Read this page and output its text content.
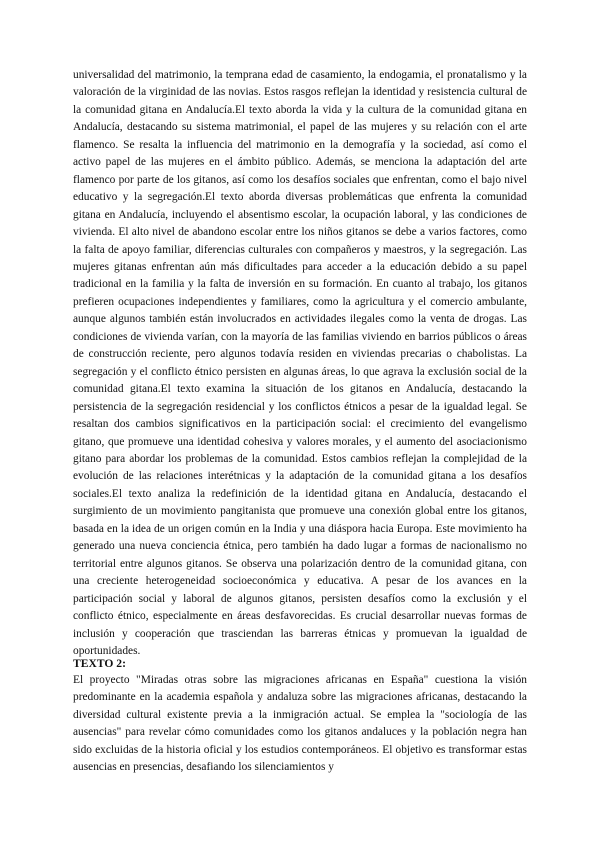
universalidad del matrimonio, la temprana edad de casamiento, la endogamia, el pronatalismo y la valoración de la virginidad de las novias. Estos rasgos reflejan la identidad y resistencia cultural de la comunidad gitana en Andalucía.El texto aborda la vida y la cultura de la comunidad gitana en Andalucía, destacando su sistema matrimonial, el papel de las mujeres y su relación con el arte flamenco. Se resalta la influencia del matrimonio en la demografía y la sociedad, así como el activo papel de las mujeres en el ámbito público. Además, se menciona la adaptación del arte flamenco por parte de los gitanos, así como los desafíos sociales que enfrentan, como el bajo nivel educativo y la segregación.El texto aborda diversas problemáticas que enfrenta la comunidad gitana en Andalucía, incluyendo el absentismo escolar, la ocupación laboral, y las condiciones de vivienda. El alto nivel de abandono escolar entre los niños gitanos se debe a varios factores, como la falta de apoyo familiar, diferencias culturales con compañeros y maestros, y la segregación. Las mujeres gitanas enfrentan aún más dificultades para acceder a la educación debido a su papel tradicional en la familia y la falta de inversión en su formación. En cuanto al trabajo, los gitanos prefieren ocupaciones independientes y familiares, como la agricultura y el comercio ambulante, aunque algunos también están involucrados en actividades ilegales como la venta de drogas. Las condiciones de vivienda varían, con la mayoría de las familias viviendo en barrios públicos o áreas de construcción reciente, pero algunos todavía residen en viviendas precarias o chabolistas. La segregación y el conflicto étnico persisten en algunas áreas, lo que agrava la exclusión social de la comunidad gitana.El texto examina la situación de los gitanos en Andalucía, destacando la persistencia de la segregación residencial y los conflictos étnicos a pesar de la igualdad legal. Se resaltan dos cambios significativos en la participación social: el crecimiento del evangelismo gitano, que promueve una identidad cohesiva y valores morales, y el aumento del asociacionismo gitano para abordar los problemas de la comunidad. Estos cambios reflejan la complejidad de la evolución de las relaciones interétnicas y la adaptación de la comunidad gitana a los desafíos sociales.El texto analiza la redefinición de la identidad gitana en Andalucía, destacando el surgimiento de un movimiento pangitanista que promueve una conexión global entre los gitanos, basada en la idea de un origen común en la India y una diáspora hacia Europa. Este movimiento ha generado una nueva conciencia étnica, pero también ha dado lugar a formas de nacionalismo no territorial entre algunos gitanos. Se observa una polarización dentro de la comunidad gitana, con una creciente heterogeneidad socioeconómica y educativa. A pesar de los avances en la participación social y laboral de algunos gitanos, persisten desafíos como la exclusión y el conflicto étnico, especialmente en áreas desfavorecidas. Es crucial desarrollar nuevas formas de inclusión y cooperación que trasciendan las barreras étnicas y promuevan la igualdad de oportunidades.

TEXTO 2:

El proyecto "Miradas otras sobre las migraciones africanas en España" cuestiona la visión predominante en la academia española y andaluza sobre las migraciones africanas, destacando la diversidad cultural existente previa a la inmigración actual. Se emplea la "sociología de las ausencias" para revelar cómo comunidades como los gitanos andaluces y la población negra han sido excluidas de la historia oficial y los estudios contemporáneos. El objetivo es transformar estas ausencias en presencias, desafiando los silenciamientos y
